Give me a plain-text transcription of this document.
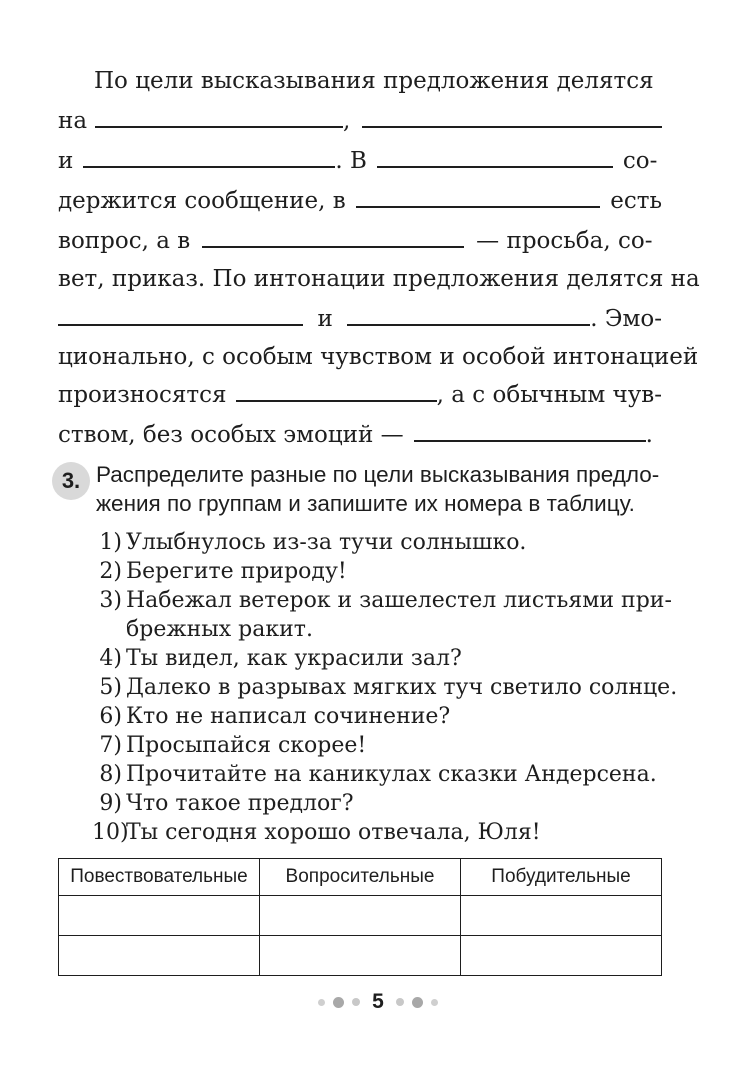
По цели высказывания предложения делятся
на	,
и	. В	со-
держится сообщение, в	есть
вопрос, а в	— просьба, со-
вет, приказ. По интонации предложения делятся на
и	. Эмо-
ционально, с особым чувством и особой интонацией
произносятся	, а с обычным чув-
ством, без особых эмоций —	.
3. Распределите разные по цели высказывания предло-
жения по группам и запишите их номера в таблицу.
1) Улыбнулось из-за тучи солнышко.
2) Берегите природу!
3) Набежал ветерок и зашелестел листьями при-
брежных ракит.
4) Ты видел, как украсили зал?
5) Далеко в разрывах мягких туч светило солнце.
6) Кто не написал сочинение?
7) Просыпайся скорее!
8) Прочитайте на каникулах сказки Андерсена.
9) Что такое предлог?
10)Ты сегодня хорошо отвечала, Юля!
Повествовательные	Вопросительные	Побудительные

5
